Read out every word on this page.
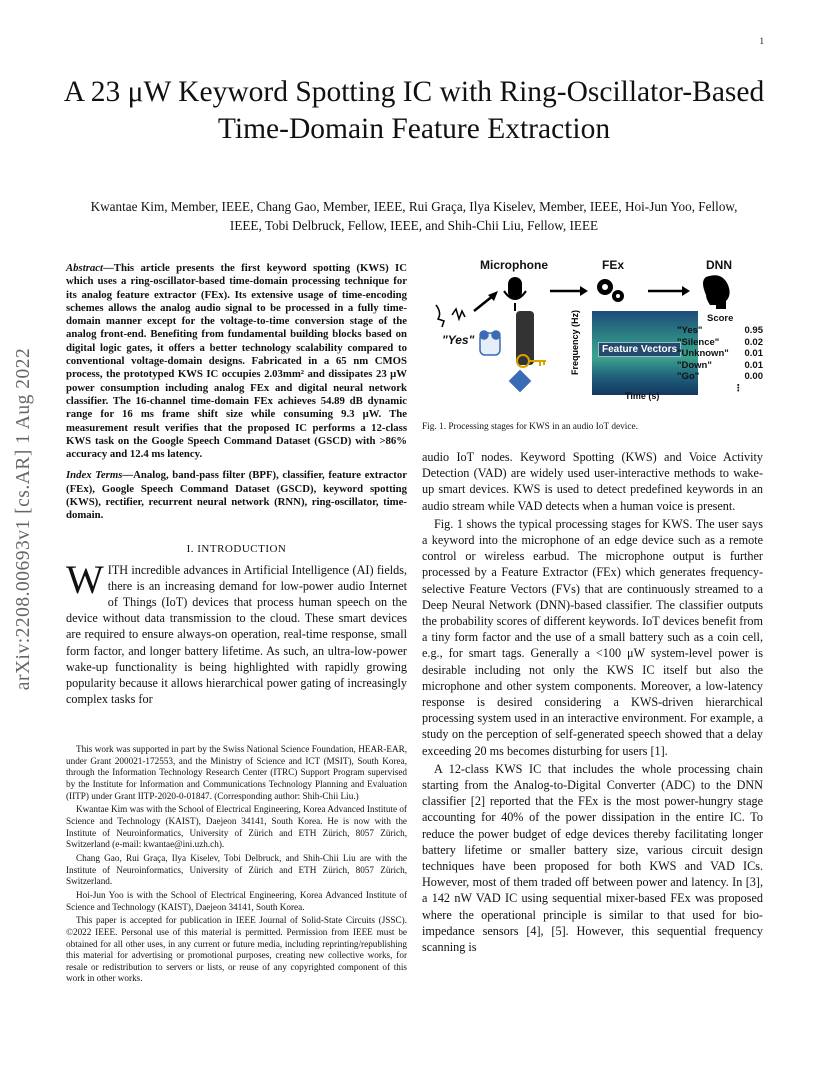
1
arXiv:2208.00693v1 [cs.AR] 1 Aug 2022
A 23 μW Keyword Spotting IC with Ring-Oscillator-Based Time-Domain Feature Extraction
Kwantae Kim, Member, IEEE, Chang Gao, Member, IEEE, Rui Graça, Ilya Kiselev, Member, IEEE, Hoi-Jun Yoo, Fellow, IEEE, Tobi Delbruck, Fellow, IEEE, and Shih-Chii Liu, Fellow, IEEE

Abstract—This article presents the first keyword spotting (KWS) IC which uses a ring-oscillator-based time-domain processing technique for its analog feature extractor (FEx). Its extensive usage of time-encoding schemes allows the analog audio signal to be processed in a fully time-domain manner except for the voltage-to-time conversion stage of the analog front-end. Benefiting from fundamental building blocks based on digital logic gates, it offers a better technology scalability compared to conventional voltage-domain designs. Fabricated in a 65 nm CMOS process, the prototyped KWS IC occupies 2.03mm² and dissipates 23 μW power consumption including analog FEx and digital neural network classifier. The 16-channel time-domain FEx achieves 54.89 dB dynamic range for 16 ms frame shift size while consuming 9.3 μW. The measurement result verifies that the proposed IC performs a 12-class KWS task on the Google Speech Command Dataset (GSCD) with >86% accuracy and 12.4 ms latency.

Index Terms—Analog, band-pass filter (BPF), classifier, feature extractor (FEx), Google Speech Command Dataset (GSCD), keyword spotting (KWS), rectifier, recurrent neural network (RNN), ring-oscillator, time-domain.

I. INTRODUCTION

WITH incredible advances in Artificial Intelligence (AI) fields, there is an increasing demand for low-power audio Internet of Things (IoT) devices that process human speech on the device without data transmission to the cloud. These smart devices are required to ensure always-on operation, real-time response, small form factor, and longer battery lifetime. As such, an ultra-low-power wake-up functionality is being highlighted with rapidly growing popularity because it allows hierarchical power gating of increasingly complex tasks for

This work was supported in part by the Swiss National Science Foundation, HEAR-EAR, under Grant 200021-172553, and the Ministry of Science and ICT (MSIT), South Korea, through the Information Technology Research Center (ITRC) Support Program supervised by the Institute for Information and Communications Technology Planning and Evaluation (IITP) under Grant IITP-2020-0-01847. (Corresponding author: Shih-Chii Liu.)

Kwantae Kim was with the School of Electrical Engineering, Korea Advanced Institute of Science and Technology (KAIST), Daejeon 34141, South Korea. He is now with the Institute of Neuroinformatics, University of Zürich and ETH Zürich, 8057 Zürich, Switzerland (e-mail: kwantae@ini.uzh.ch).

Chang Gao, Rui Graça, Ilya Kiselev, Tobi Delbruck, and Shih-Chii Liu are with the Institute of Neuroinformatics, University of Zürich and ETH Zürich, 8057 Zürich, Switzerland.

Hoi-Jun Yoo is with the School of Electrical Engineering, Korea Advanced Institute of Science and Technology (KAIST), Daejeon 34141, South Korea.

This paper is accepted for publication in IEEE Journal of Solid-State Circuits (JSSC). ©2022 IEEE. Personal use of this material is permitted. Permission from IEEE must be obtained for all other uses, in any current or future media, including reprinting/republishing this material for advertising or promotional purposes, creating new collective works, for resale or redistribution to servers or lists, or reuse of any copyrighted component of this work in other works.

Microphone	FEx	DNN
Frequency (Hz)	Feature Vectors
"Yes"
Time (s)
Score
"Yes"	0.95
"Silence"	0.02
"Unknown" 0.01
"Down"	0.01
"Go"	0.00
⋮
Fig. 1. Processing stages for KWS in an audio IoT device.

audio IoT nodes. Keyword Spotting (KWS) and Voice Activity Detection (VAD) are widely used user-interactive methods to wake-up smart devices. KWS is used to detect predefined keywords in an audio stream while VAD detects when a human voice is present.

Fig. 1 shows the typical processing stages for KWS. The user says a keyword into the microphone of an edge device such as a remote control or wireless earbud. The microphone output is further processed by a Feature Extractor (FEx) which generates frequency-selective Feature Vectors (FVs) that are continuously streamed to a Deep Neural Network (DNN)-based classifier. The classifier outputs the probability scores of different keywords. IoT devices benefit from a tiny form factor and the use of a small battery such as a coin cell, e.g., for smart tags. Generally a <100 μW system-level power is desirable including not only the KWS IC itself but also the microphone and other system components. Moreover, a low-latency response is desired considering a KWS-driven hierarchical processing system used in an interactive environment. For example, a study on the perception of self-generated speech showed that a delay exceeding 20 ms becomes disturbing for users [1].

A 12-class KWS IC that includes the whole processing chain starting from the Analog-to-Digital Converter (ADC) to the DNN classifier [2] reported that the FEx is the most power-hungry stage accounting for 40% of the power dissipation in the entire IC. To reduce the power budget of edge devices thereby facilitating longer battery lifetime or smaller battery size, various circuit design techniques have been proposed for both KWS and VAD ICs. However, most of them traded off between power and latency. In [3], a 142 nW VAD IC using sequential mixer-based FEx was proposed where the operational principle is similar to that used for bio-impedance sensors [4], [5]. However, this sequential frequency scanning is
